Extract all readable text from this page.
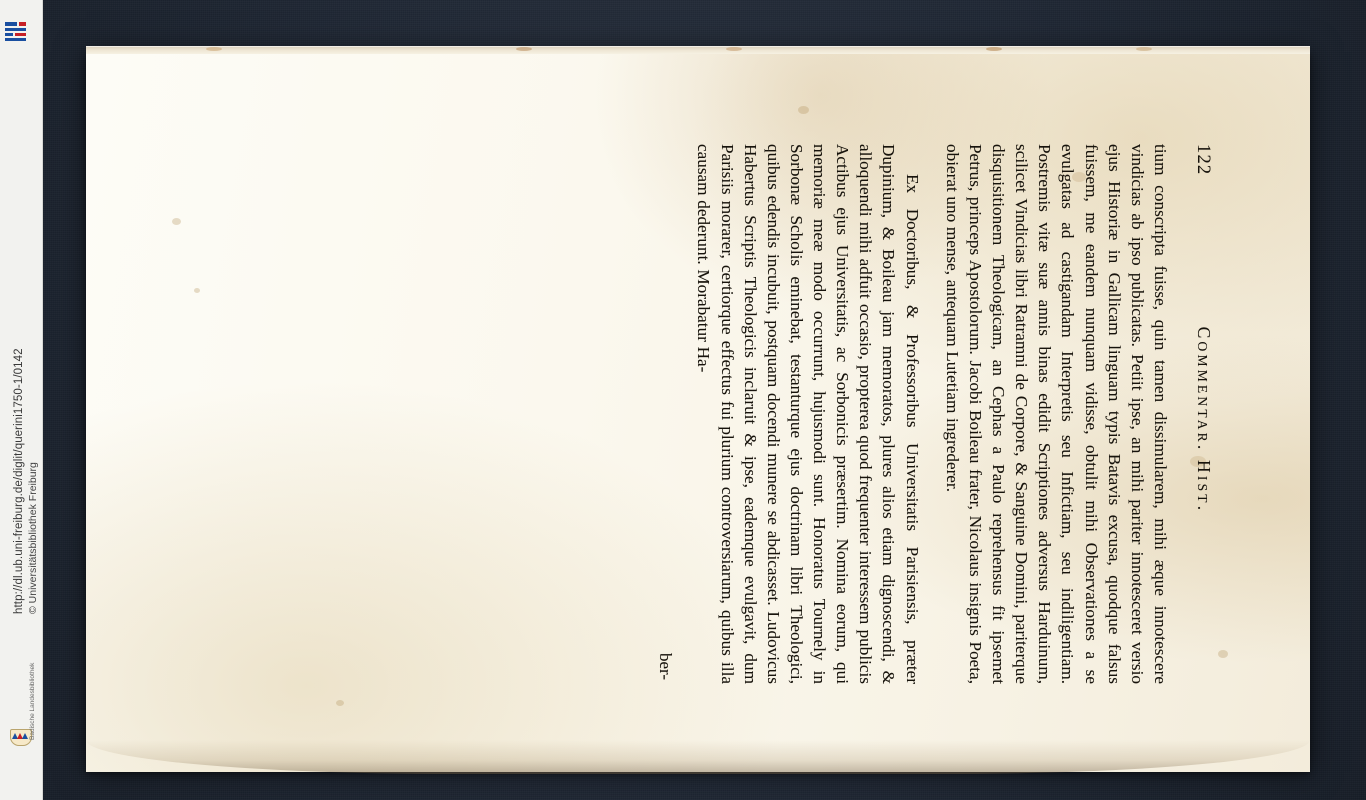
http://dl.ub.uni-freiburg.de/diglit/querini1750-1/0142 © Universitätsbibliothek Freiburg
Badische Landesbibliothek
122
COMMENTAR. HIST.

tium conscripta fuisse, quin tamen dissimularem, mihi æque innotescere vindicias ab ipso publicatas. Petiit ipse, an mihi pariter innotesceret versio ejus Historiæ in Gallicam linguam typis Batavis excusa, quodque falsus fuissem, me eandem nunquam vidisse, obtulit mihi Observationes a se evulgatas ad castigandam Interpretis seu Infictiam, seu indiligentiam. Postremis vitæ suæ annis binas edidit Scriptiones adversus Harduinum, scilicet Vindicias libri Ratramni de Corpore, & Sanguine Domini, pariterque disquisitionem Theologicam, an Cephas a Paulo reprehensus fit ipsemet Petrus, princeps Apostolorum. Jacobi Boileau frater, Nicolaus insignis Poeta, obierat uno mense, antequam Lutetiam ingrederer.

Ex Doctoribus, & Professoribus Universitatis Parisiensis, præter Dupinium, & Boileau jam memoratos, plures alios etiam dignoscendi, & alloquendi mihi adfuit occasio, propterea quod frequenter interessem publicis Actibus ejus Universitatis, ac Sorbonicis præsertim. Nomina eorum, qui memoriæ meæ modo occurrunt, hujusmodi sunt. Honoratus Tournely in Sorbonæ Scholis eminebat, testanturque ejus doctrinam libri Theologici, quibus edendis incubuit, postquam docendi munere se abdicasset. Ludovicus Habertus Scriptis Theologicis inclaruit & ipse, eademque evulgavit, dum Parisiis morarer, certiorque effectus fui plurium controversiarum, quibus illa causam dederunt. Morabatur Ha-

ber-
